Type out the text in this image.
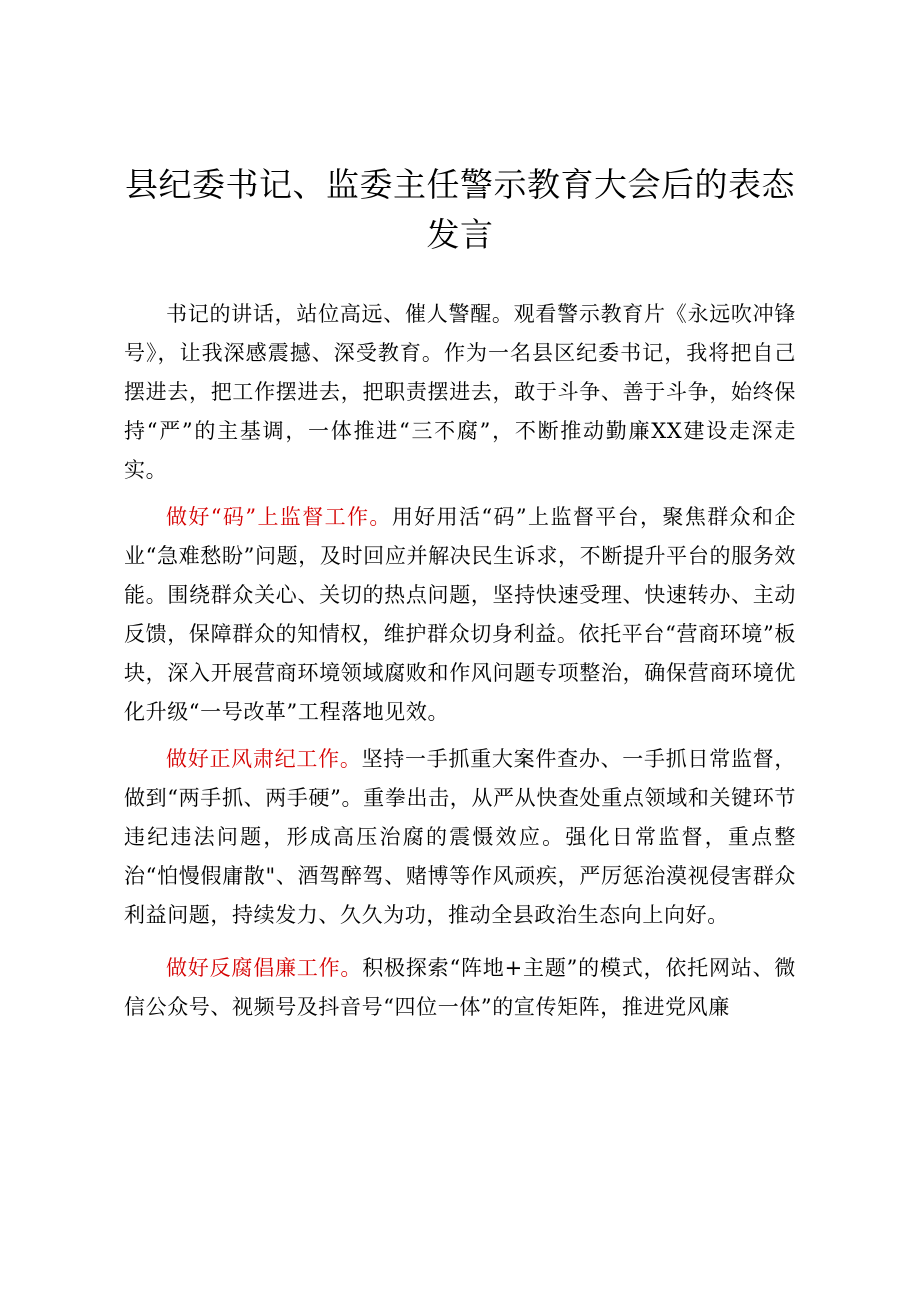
县纪委书记、监委主任警示教育大会后的表态发言

书记的讲话，站位高远、催人警醒。观看警示教育片《永远吹冲锋号》，让我深感震撼、深受教育。作为一名县区纪委书记，我将把自己摆进去，把工作摆进去，把职责摆进去，敢于斗争、善于斗争，始终保持“严”的主基调，一体推进“三不腐”，不断推动勤廉XX建设走深走实。

做好“码”上监督工作。用好用活“码”上监督平台，聚焦群众和企业“急难愁盼”问题，及时回应并解决民生诉求，不断提升平台的服务效能。围绕群众关心、关切的热点问题，坚持快速受理、快速转办、主动反馈，保障群众的知情权，维护群众切身利益。依托平台“营商环境”板块，深入开展营商环境领域腐败和作风问题专项整治，确保营商环境优化升级“一号改革”工程落地见效。

做好正风肃纪工作。坚持一手抓重大案件查办、一手抓日常监督，做到“两手抓、两手硬”。重拳出击，从严从快查处重点领域和关键环节违纪违法问题，形成高压治腐的震慑效应。强化日常监督，重点整治“怕慢假庸散"、酒驾醉驾、赌博等作风顽疾，严厉惩治漠视侵害群众利益问题，持续发力、久久为功，推动全县政治生态向上向好。

做好反腐倡廉工作。积极探索“阵地+主题”的模式，依托网站、微信公众号、视频号及抖音号“四位一体”的宣传矩阵，推进党风廉
